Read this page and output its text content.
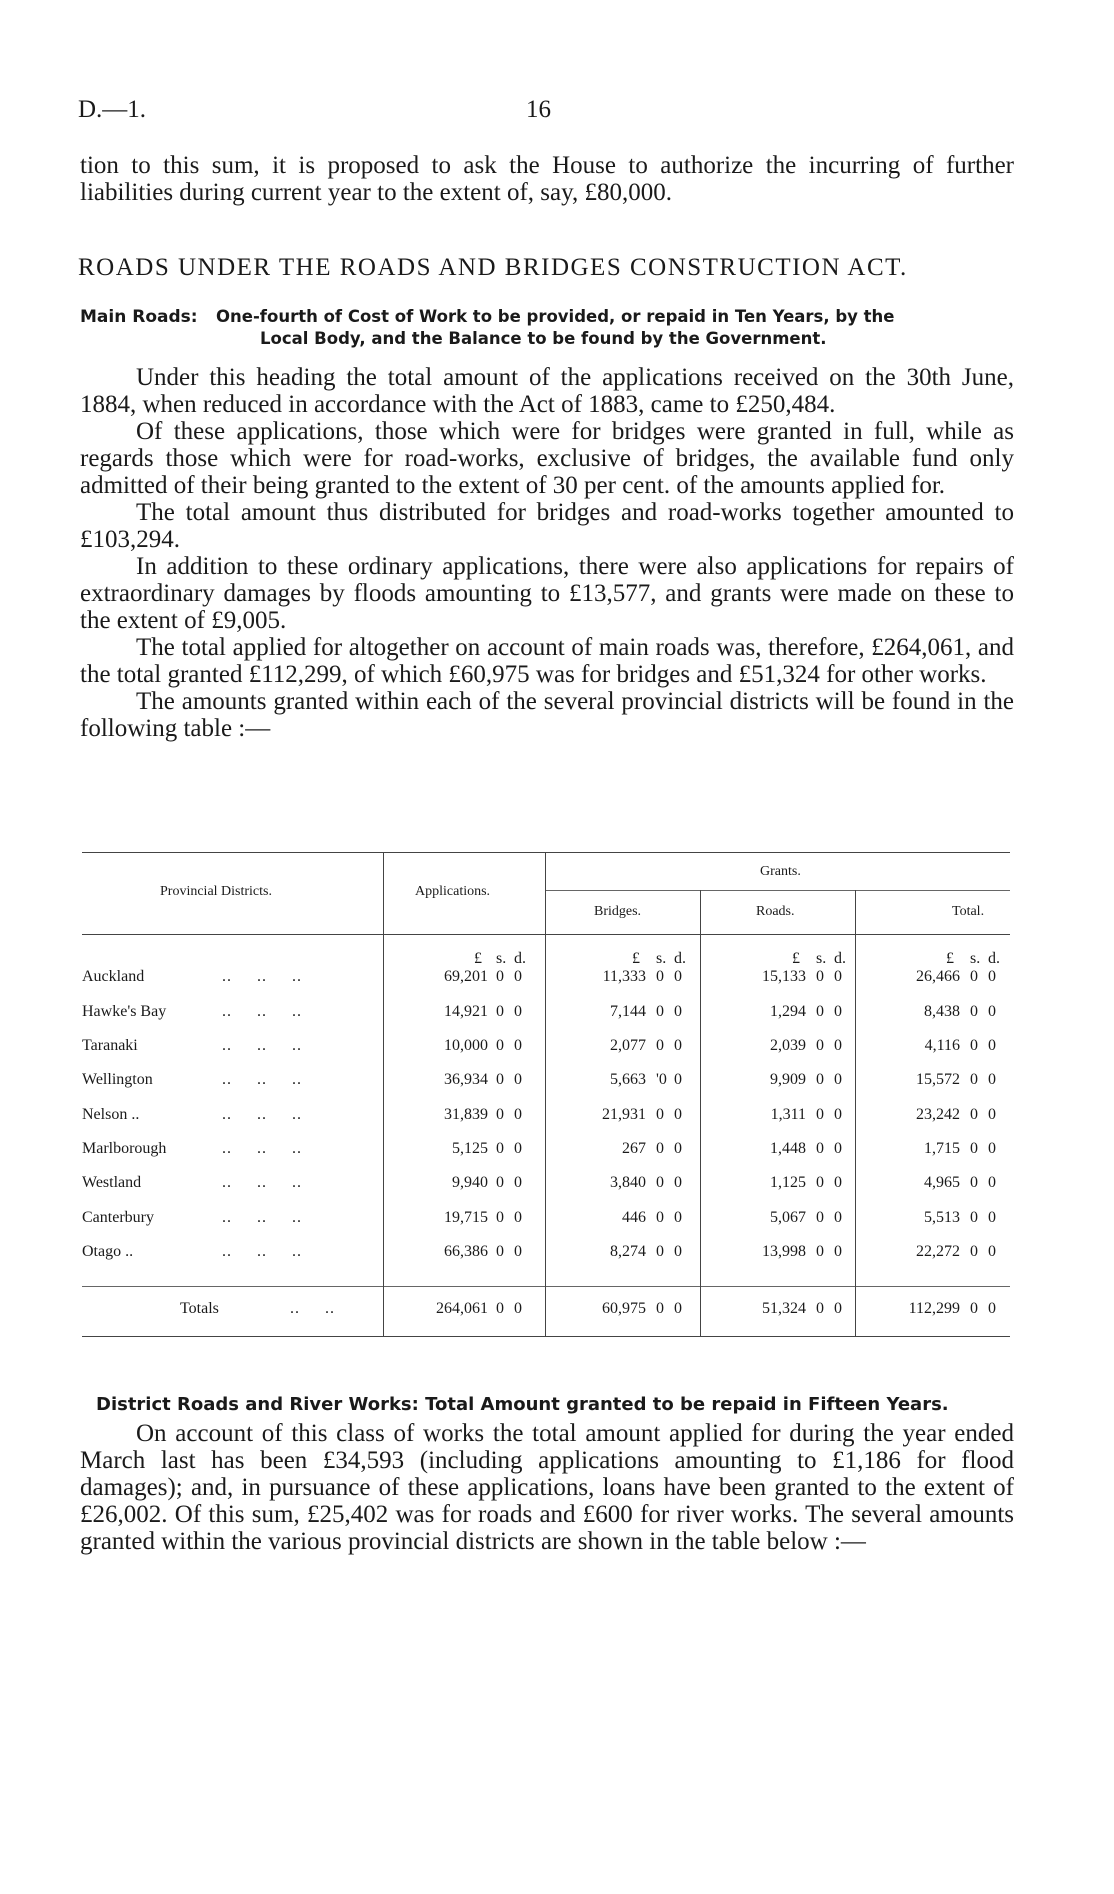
D.—1.	16

tion to this sum, it is proposed to ask the House to authorize the incurring of further liabilities during current year to the extent of, say, £80,000.

ROADS UNDER THE ROADS AND BRIDGES CONSTRUCTION ACT.
Main Roads: One-fourth of Cost of Work to be provided, or repaid in Ten Years, by the
Local Body, and the Balance to be found by the Government.

Under this heading the total amount of the applications received on the 30th June, 1884, when reduced in accordance with the Act of 1883, came to £250,484.

Of these applications, those which were for bridges were granted in full, while as regards those which were for road-works, exclusive of bridges, the available fund only admitted of their being granted to the extent of 30 per cent. of the amounts applied for.

The total amount thus distributed for bridges and road-works together amounted to £103,294.

In addition to these ordinary applications, there were also applications for repairs of extraordinary damages by floods amounting to £13,577, and grants were made on these to the extent of £9,005.

The total applied for altogether on account of main roads was, therefore, £264,061, and the total granted £112,299, of which £60,975 was for bridges and £51,324 for other works.

The amounts granted within each of the several provincial districts will be found in the following table :—

Provincial Districts.	Applications.
Grants.
Bridges.	Roads.	Total.
£ s. d.	£ s. d.	£ s. d.	£ s. d.
Auckland	..     ..     ..	69,201 0 0	11,333 0 0	15,133 0 0	26,466 0 0
Hawke's Bay	..     ..     ..	14,921 0 0	7,144 0 0	1,294 0 0	8,438 0 0
Taranaki	..     ..     ..	10,000 0 0	2,077 0 0	2,039 0 0	4,116 0 0
Wellington	..     ..     ..	36,934 0 0	5,663 '0 0	9,909 0 0	15,572 0 0
Nelson ..	..     ..     ..	31,839 0 0	21,931 0 0	1,311 0 0	23,242 0 0
Marlborough	..     ..     ..	5,125 0 0	267 0 0	1,448 0 0	1,715 0 0
Westland	..     ..     ..	9,940 0 0	3,840 0 0	1,125 0 0	4,965 0 0
Canterbury	..     ..     ..	19,715 0 0	446 0 0	5,067 0 0	5,513 0 0
Otago ..	..     ..     ..	66,386 0 0	8,274 0 0	13,998 0 0	22,272 0 0
Totals	..     ..	264,061 0 0	60,975 0 0	51,324 0 0	112,299 0 0
District Roads and River Works: Total Amount granted to be repaid in Fifteen Years.

On account of this class of works the total amount applied for during the year ended March last has been £34,593 (including applications amounting to £1,186 for flood damages); and, in pursuance of these applications, loans have been granted to the extent of £26,002. Of this sum, £25,402 was for roads and £600 for river works. The several amounts granted within the various provincial districts are shown in the table below :—
